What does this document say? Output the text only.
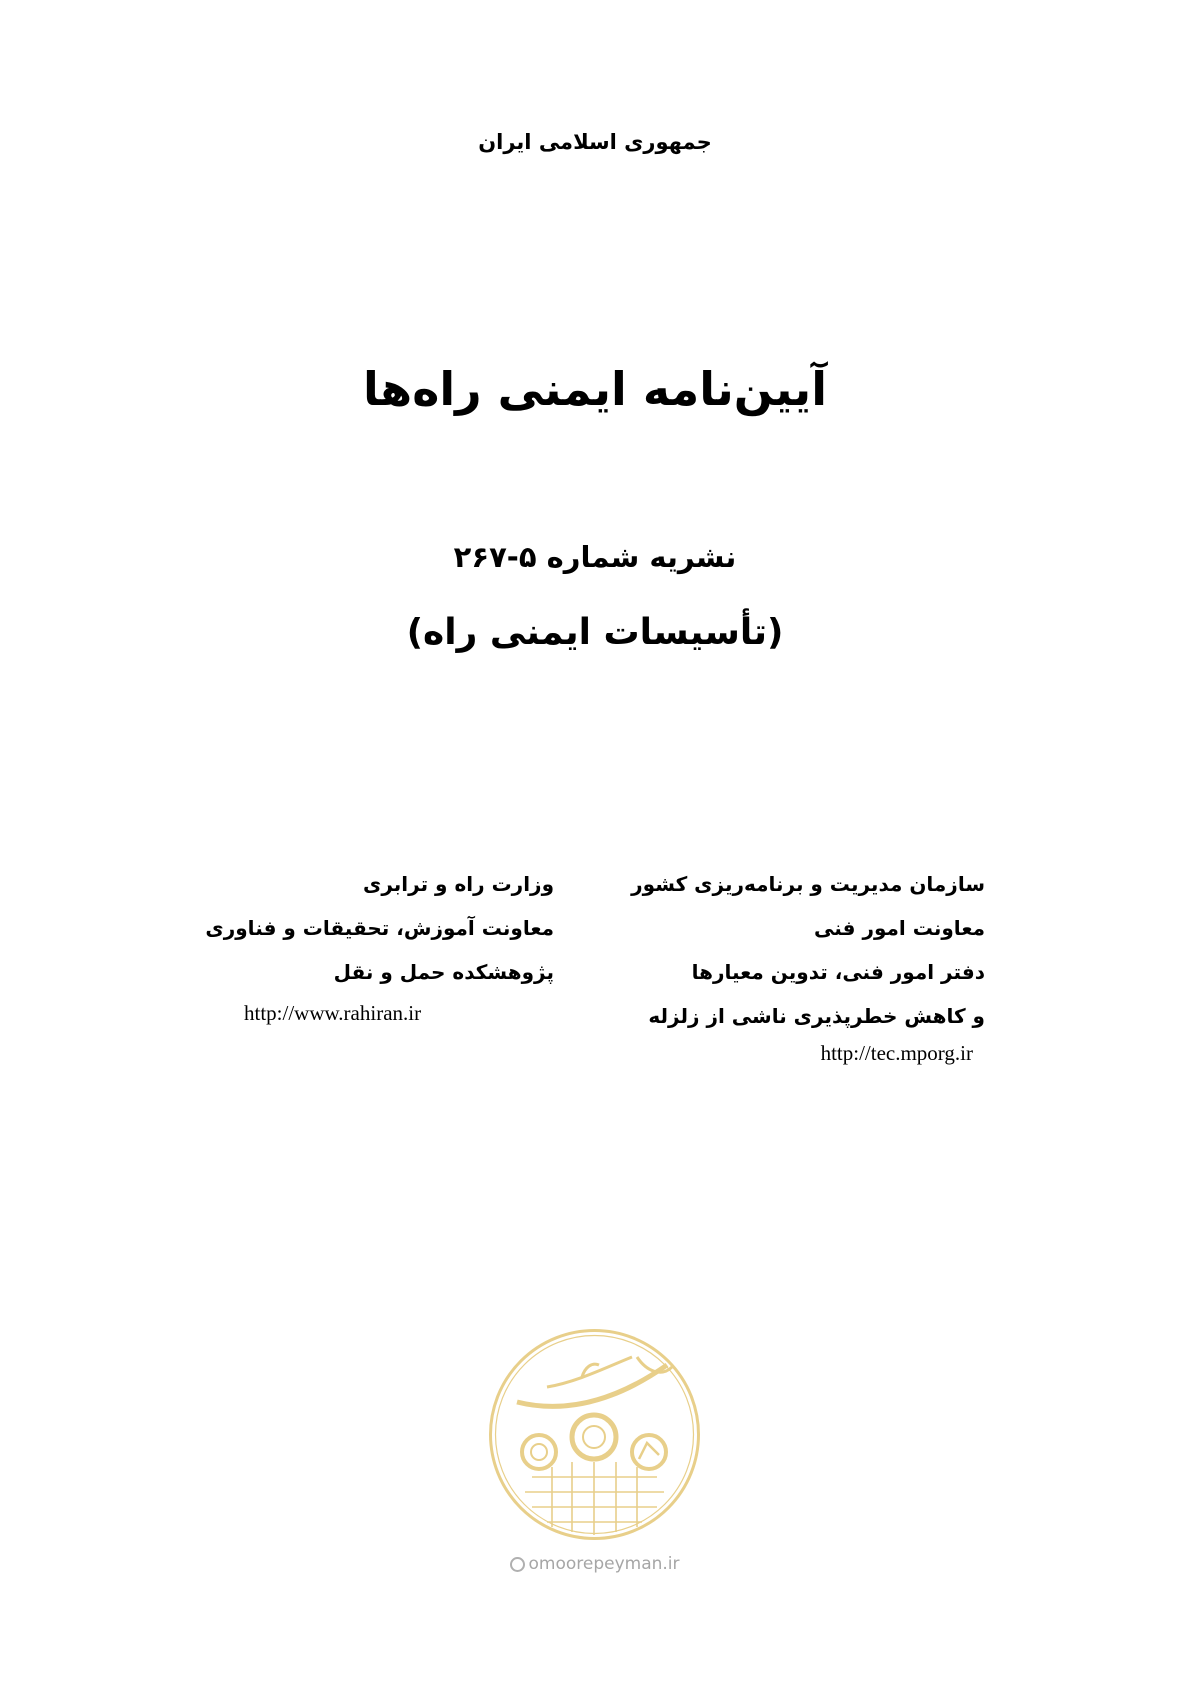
جمهوری اسلامی ایران
آیین‌نامه ایمنی راه‌ها
نشریه شماره ۵-۲۶۷
(تأسیسات ایمنی راه)
سازمان مدیریت و برنامه‌ریزی کشور
معاونت امور فنی
دفتر امور فنی، تدوین معیارها
و کاهش خطرپذیری ناشی از زلزله
http://tec.mporg.ir
وزارت راه و ترابری
معاونت آموزش، تحقیقات و فناوری
پژوهشکده حمل و نقل
http://www.rahiran.ir
omoorepeyman.ir
